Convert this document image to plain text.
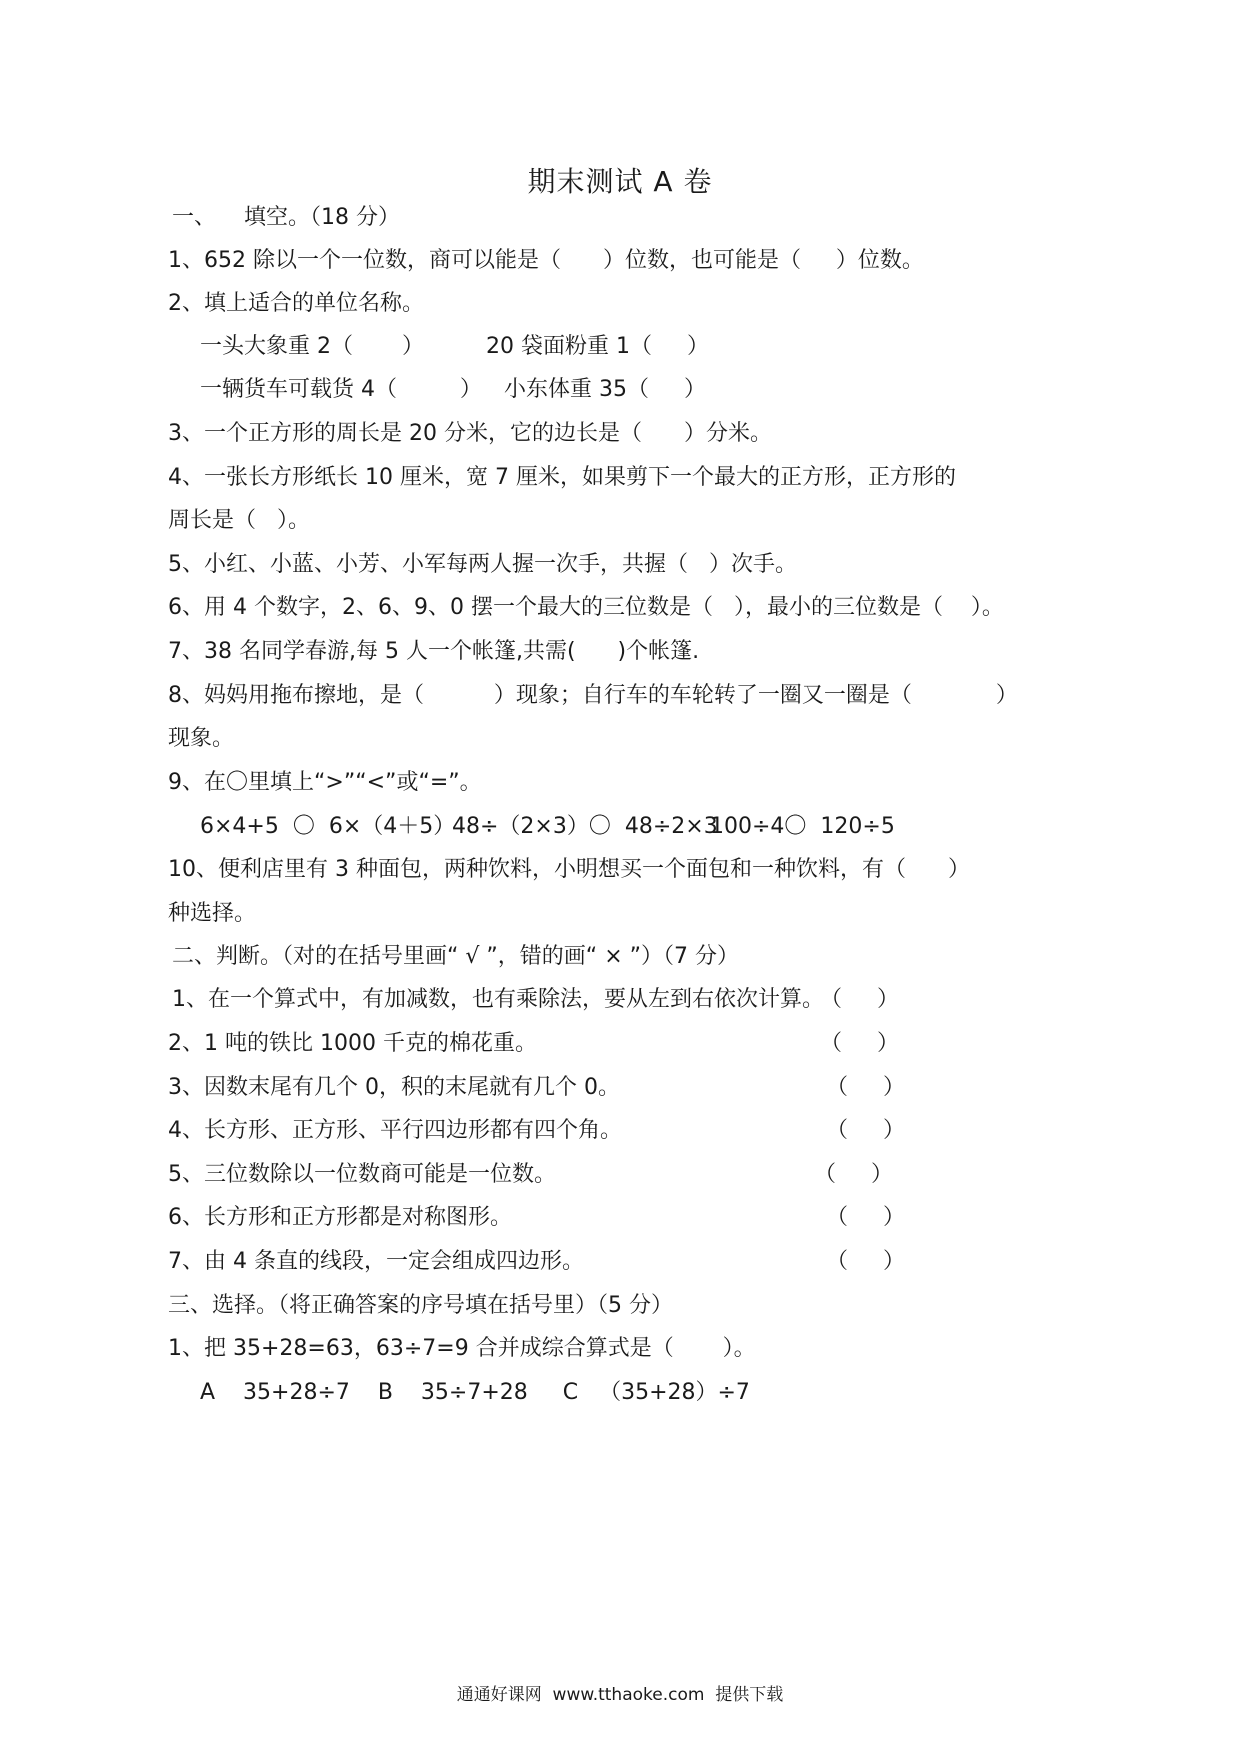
期末测试 A 卷
一、    填空。（18 分）
1、652 除以一个一位数，商可以能是（      ）位数，也可能是（     ）位数。
2、填上适合的单位名称。
一头大象重 2（       ）	20 袋面粉重 1（     ）
一辆货车可载货 4（         ） 小东体重 35（     ）
3、一个正方形的周长是 20 分米，它的边长是（      ）分米。
4、一张长方形纸长 10 厘米，宽 7 厘米，如果剪下一个最大的正方形，正方形的
周长是（   ）。
5、小红、小蓝、小芳、小军每两人握一次手，共握（   ）次手。
6、用 4 个数字，2、6、9、0 摆一个最大的三位数是（   ），最小的三位数是（    ）。
7、38 名同学春游,每 5 人一个帐篷,共需(      )个帐篷.
8、妈妈用拖布擦地，是（          ）现象；自行车的车轮转了一圈又一圈是（            ）
现象。
9、在〇里填上“>”“<”或“=”。
6×4+5  〇  6×（4＋5）
48÷（2×3）〇  48÷2×3
100÷4〇  120÷5
10、便利店里有 3 种面包，两种饮料，小明想买一个面包和一种饮料，有（      ）
种选择。
二、判断。（对的在括号里画“ √ ”，错的画“ × ”）（7 分）
1、在一个算式中，有加减数，也有乘除法，要从左到右依次计算。
（     ）
2、1 吨的铁比 1000 千克的棉花重。	（     ）
3、因数末尾有几个 0，积的末尾就有几个 0。	（     ）
4、长方形、正方形、平行四边形都有四个角。	（     ）
5、三位数除以一位数商可能是一位数。	（     ）
6、长方形和正方形都是对称图形。	（     ）
7、由 4 条直的线段，一定会组成四边形。	（     ）
三、选择。（将正确答案的序号填在括号里）（5 分）
1、把 35+28=63，63÷7=9 合并成综合算式是（       ）。
A    35+28÷7    B    35÷7+28     C   （35+28）÷7
通通好课网  www.tthaoke.com  提供下载
